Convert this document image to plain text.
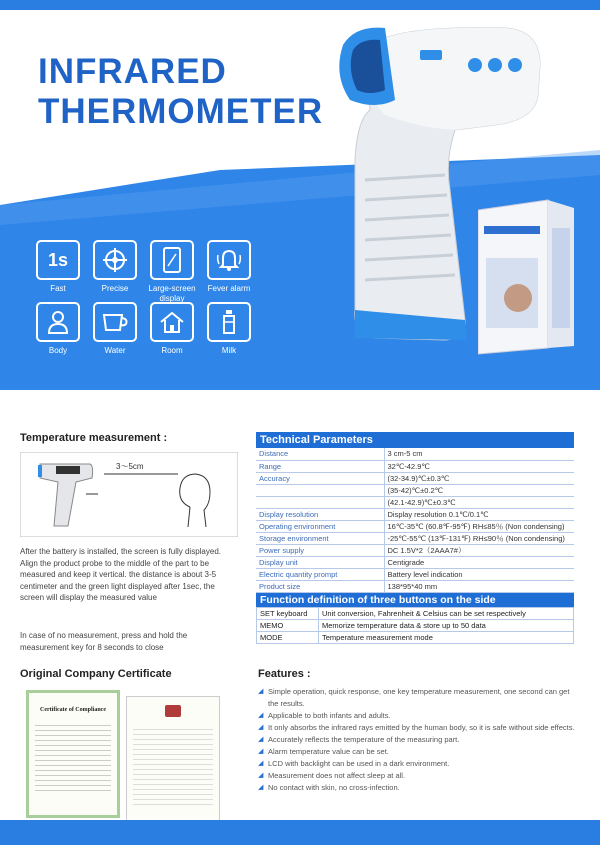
INFRARED
THERMOMETER
1s
Fast	Precise	Large-screen display
Fever alarm
Body	Water	Room	Milk
Temperature measurement :
3～5cm
After the battery is installed, the screen is fully displayed. Align the product probe to the middle of the part to be measured and keep it vertical. the distance is about 3-5 centimeter and the green light displayed after 1sec, the screen will display the measured value
In case of no measurement, press and hold the measurement key for 8 seconds to close
Technical Parameters
Distance	3 cm-5 cm
Range	32℃-42.9℃
Accuracy	(32-34.9)℃±0.3℃
	(35-42)℃±0.2℃
	(42.1-42.9)℃±0.3℃
Display resolution	Display resolution 0.1℃/0.1℃
Operating environment	16℃-35℃ (60.8℉-95℉) RH≤85％ (Non condensing)
Storage environment	-25℃-55℃ (13℉-131℉) RH≤90％ (Non condensing)
Power supply	DC 1.5V*2（2AAA7#）
Display unit	Centigrade
Electric quantity prompt	Battery level indication
Product size	138*95*40 mm
Function definition of three buttons on the side
SET keyboard	Unit conversion, Fahrenheit & Celsius can be set respectively
MEMO	Memorize temperature data & store up to 50 data
MODE	Temperature measurement mode
Original Company Certificate
Certificate of Compliance
Features :
◢ Simple operation, quick response, one key temperature measurement, one second can get the results.
◢ Applicable to both infants and adults.
◢ It only absorbs the infrared rays emitted by the human body, so it is safe without side effects.
◢ Accurately reflects the temperature of the measuring part.
◢ Alarm temperature value can be set.
◢ LCD with backlight can be used in a dark environment.
◢ Measurement does not affect sleep at all.
◢ No contact with skin, no cross-infection.
